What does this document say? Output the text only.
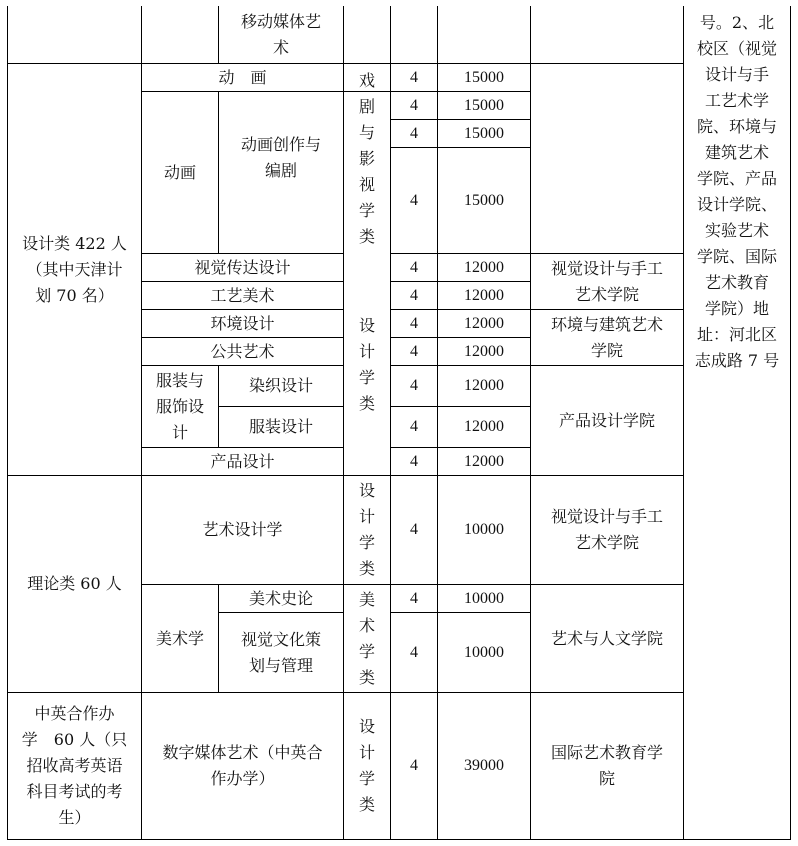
移动媒体艺
术
设计类 422 人
（其中天津计
划 70 名）
动　画
动画
动画创作与
编剧
戏剧与影视学类
4
4
4
4
15000
15000
15000
15000
视觉传达设计
工艺美术
环境设计
公共艺术
服装与
服饰设
计
染织设计
服装设计
产品设计
设计学类
4
4
4
4
4
4
4
12000
12000
12000
12000
12000
12000
12000
视觉设计与手工
艺术学院
环境与建筑艺术
学院
产品设计学院
理论类 60 人
艺术设计学
设计学类
4	10000
视觉设计与手工
艺术学院
美术学
美术史论
视觉文化策
划与管理
美术学类
4
4
10000
10000
艺术与人文学院
中英合作办
学　60 人（只
招收高考英语
科目考试的考
生）
数字媒体艺术（中英合
作办学）
设计学类
4	39000
国际艺术教育学
院
号。2、北
校区（视觉
设计与手
工艺术学
院、环境与
建筑艺术
学院、产品
设计学院、
实验艺术
学院、国际
艺术教育
学院）地
址：河北区
志成路 7 号
